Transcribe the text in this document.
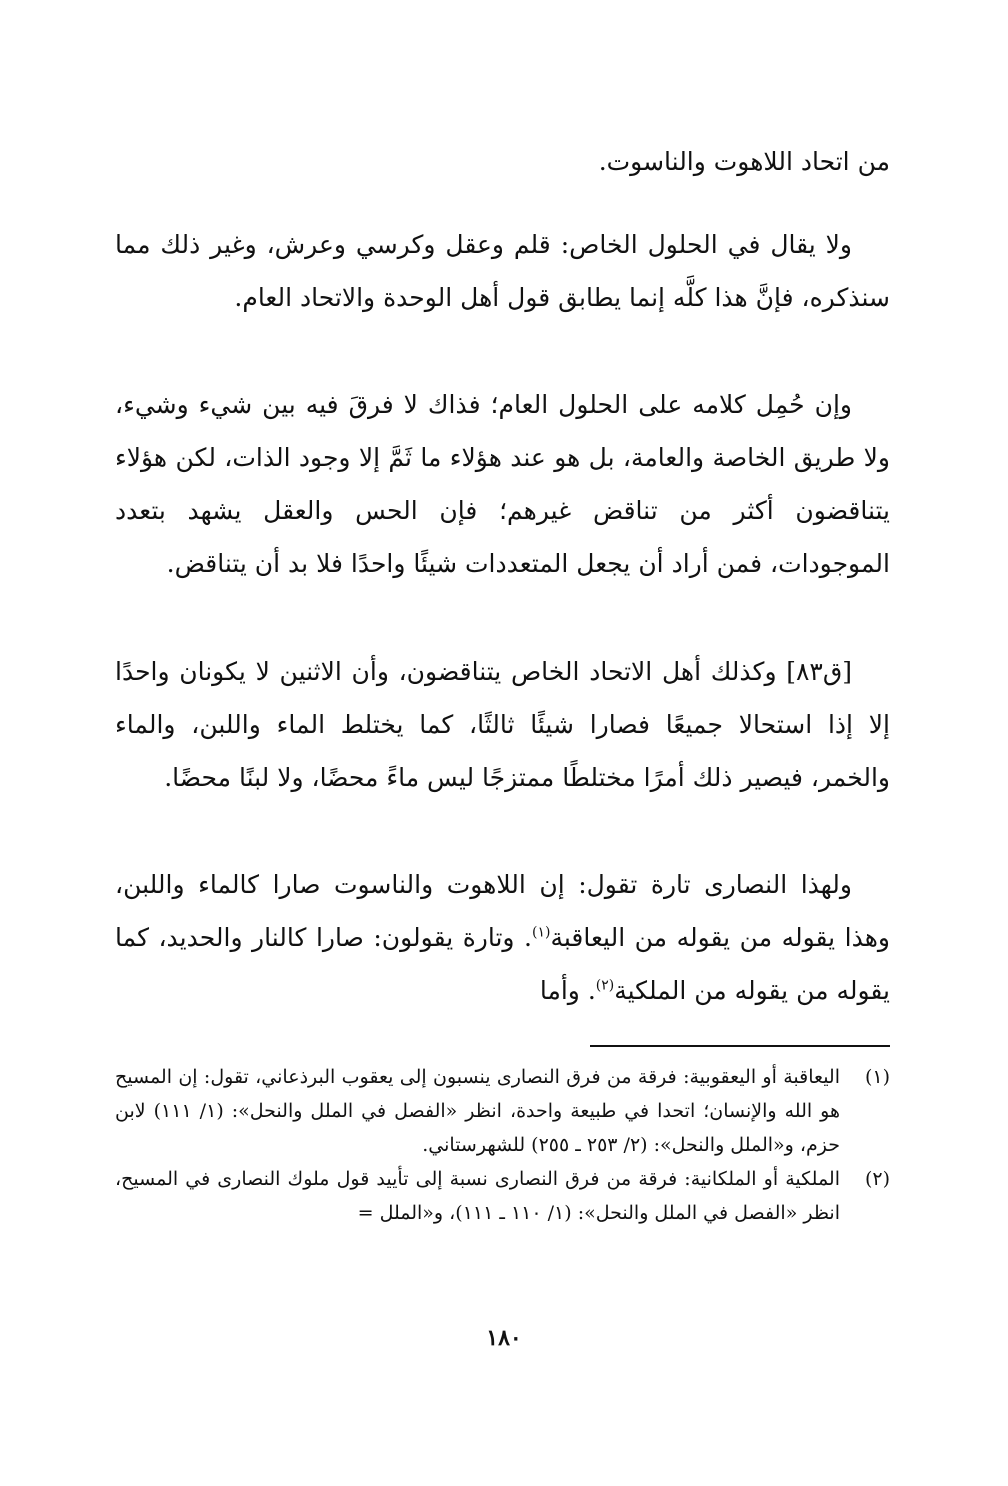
من اتحاد اللاهوت والناسوت.

ولا يقال في الحلول الخاص: قلم وعقل وكرسي وعرش، وغير ذلك مما سنذكره، فإنَّ هذا كلَّه إنما يطابق قول أهل الوحدة والاتحاد العام.

وإن حُمِل كلامه على الحلول العام؛ فذاك لا فرقَ فيه بين شيء وشيء، ولا طريق الخاصة والعامة، بل هو عند هؤلاء ما ثَمَّ إلا وجود الذات، لكن هؤلاء يتناقضون أكثر من تناقض غيرهم؛ فإن الحس والعقل يشهد بتعدد الموجودات، فمن أراد أن يجعل المتعددات شيئًا واحدًا فلا بد أن يتناقض.

[ق٨٣] وكذلك أهل الاتحاد الخاص يتناقضون، وأن الاثنين لا يكونان واحدًا إلا إذا استحالا جميعًا فصارا شيئًا ثالثًا، كما يختلط الماء واللبن، والماء والخمر، فيصير ذلك أمرًا مختلطًا ممتزجًا ليس ماءً محضًا، ولا لبنًا محضًا.

ولهذا النصارى تارة تقول: إن اللاهوت والناسوت صارا كالماء واللبن، وهذا يقوله من يقوله من اليعاقبة$^{(١)}$. وتارة يقولون: صارا كالنار والحديد، كما يقوله من يقوله من الملكية$^{(٢)}$. وأما

(١)
اليعاقبة أو اليعقوبية: فرقة من فرق النصارى ينسبون إلى يعقوب البرذعاني، تقول: إن المسيح هو الله والإنسان؛ اتحدا في طبيعة واحدة، انظر «الفصل في الملل والنحل»: (١/ ١١١) لابن حزم، و«الملل والنحل»: (٢/ ٢٥٣ ـ ٢٥٥) للشهرستاني.
(٢)
الملكية أو الملكانية: فرقة من فرق النصارى نسبة إلى تأييد قول ملوك النصارى في المسيح، انظر «الفصل في الملل والنحل»: (١/ ١١٠ ـ ١١١)، و«الملل =
١٨٠
